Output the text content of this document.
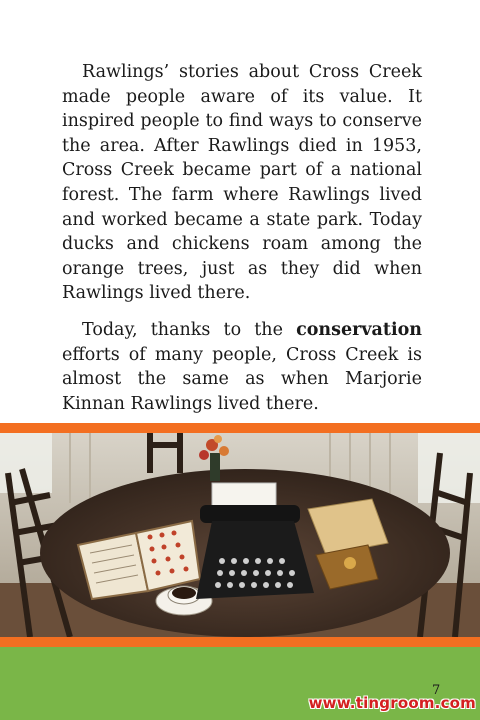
Rawlings’ stories about Cross Creek made people aware of its value. It inspired people to find ways to conserve the area. After Rawlings died in 1953, Cross Creek became part of a national forest. The farm where Rawlings lived and worked became a state park. Today ducks and chickens roam among the orange trees, just as they did when Rawlings lived there.

Today, thanks to the conservation efforts of many people, Cross Creek is almost the same as when Marjorie Kinnan Rawlings lived there.

7
www.tingroom.com
